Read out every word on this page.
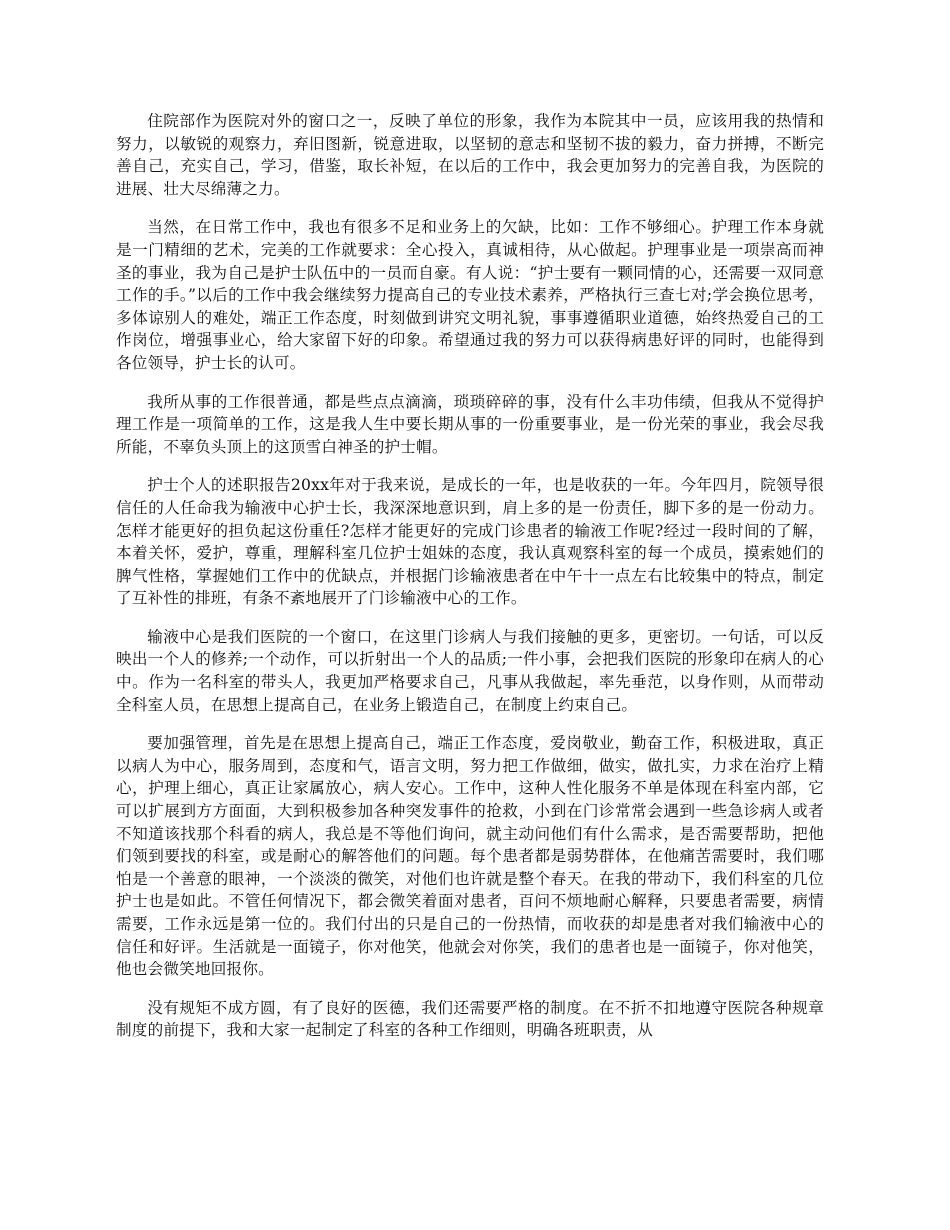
住院部作为医院对外的窗口之一，反映了单位的形象，我作为本院其中一员，应该用我的热情和努力，以敏锐的观察力，弃旧图新，锐意进取，以坚韧的意志和坚韧不拔的毅力，奋力拼搏，不断完善自己，充实自己，学习，借鉴，取长补短，在以后的工作中，我会更加努力的完善自我，为医院的进展、壮大尽绵薄之力。

当然，在日常工作中，我也有很多不足和业务上的欠缺，比如：工作不够细心。护理工作本身就是一门精细的艺术，完美的工作就要求：全心投入，真诚相待，从心做起。护理事业是一项崇高而神圣的事业，我为自己是护士队伍中的一员而自豪。有人说：“护士要有一颗同情的心，还需要一双同意工作的手。”以后的工作中我会继续努力提高自己的专业技术素养，严格执行三查七对;学会换位思考，多体谅别人的难处，端正工作态度，时刻做到讲究文明礼貌，事事遵循职业道德，始终热爱自己的工作岗位，增强事业心，给大家留下好的印象。希望通过我的努力可以获得病患好评的同时，也能得到各位领导，护士长的认可。

我所从事的工作很普通，都是些点点滴滴，琐琐碎碎的事，没有什么丰功伟绩，但我从不觉得护理工作是一项简单的工作，这是我人生中要长期从事的一份重要事业，是一份光荣的事业，我会尽我所能，不辜负头顶上的这顶雪白神圣的护士帽。

护士个人的述职报告20xx年对于我来说，是成长的一年，也是收获的一年。今年四月，院领导很信任的人任命我为输液中心护士长，我深深地意识到，肩上多的是一份责任，脚下多的是一份动力。怎样才能更好的担负起这份重任?怎样才能更好的完成门诊患者的输液工作呢?经过一段时间的了解，本着关怀，爱护，尊重，理解科室几位护士姐妹的态度，我认真观察科室的每一个成员，摸索她们的脾气性格，掌握她们工作中的优缺点，并根据门诊输液患者在中午十一点左右比较集中的特点，制定了互补性的排班，有条不紊地展开了门诊输液中心的工作。

输液中心是我们医院的一个窗口，在这里门诊病人与我们接触的更多，更密切。一句话，可以反映出一个人的修养;一个动作，可以折射出一个人的品质;一件小事，会把我们医院的形象印在病人的心中。作为一名科室的带头人，我更加严格要求自己，凡事从我做起，率先垂范，以身作则，从而带动全科室人员，在思想上提高自己，在业务上锻造自己，在制度上约束自己。

要加强管理，首先是在思想上提高自己，端正工作态度，爱岗敬业，勤奋工作，积极进取，真正以病人为中心，服务周到，态度和气，语言文明，努力把工作做细，做实，做扎实，力求在治疗上精心，护理上细心，真正让家属放心，病人安心。工作中，这种人性化服务不单是体现在科室内部，它可以扩展到方方面面，大到积极参加各种突发事件的抢救，小到在门诊常常会遇到一些急诊病人或者不知道该找那个科看的病人，我总是不等他们询问，就主动问他们有什么需求，是否需要帮助，把他们领到要找的科室，或是耐心的解答他们的问题。每个患者都是弱势群体，在他痛苦需要时，我们哪怕是一个善意的眼神，一个淡淡的微笑，对他们也许就是整个春天。在我的带动下，我们科室的几位护士也是如此。不管任何情况下，都会微笑着面对患者，百问不烦地耐心解释，只要患者需要，病情需要，工作永远是第一位的。我们付出的只是自己的一份热情，而收获的却是患者对我们输液中心的信任和好评。生活就是一面镜子，你对他笑，他就会对你笑，我们的患者也是一面镜子，你对他笑，他也会微笑地回报你。

没有规矩不成方圆，有了良好的医德，我们还需要严格的制度。在不折不扣地遵守医院各种规章制度的前提下，我和大家一起制定了科室的各种工作细则，明确各班职责，从
